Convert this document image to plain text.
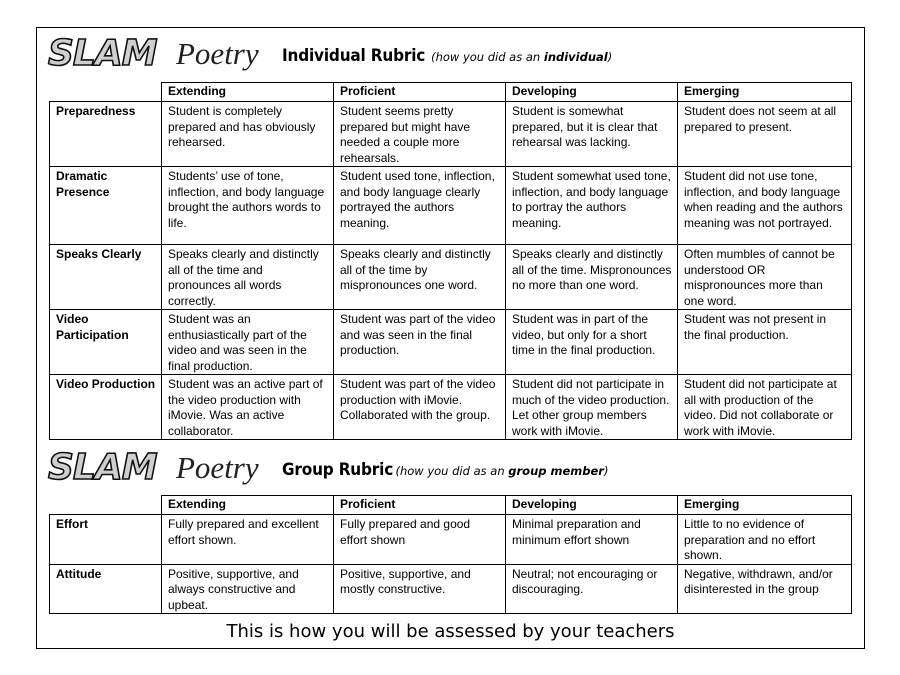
SLAM Poetry Individual Rubric (how you did as an individual)
	Extending	Proficient	Developing	Emerging
Preparedness	Student is completely prepared and has obviously rehearsed.	Student seems pretty prepared but might have needed a couple more rehearsals.	Student is somewhat prepared, but it is clear that rehearsal was lacking.	Student does not seem at all prepared to present.
Dramatic Presence	Students’ use of tone, inflection, and body language brought the authors words to life.	Student used tone, inflection, and body language clearly portrayed the authors meaning.	Student somewhat used tone, inflection, and body language to portray the authors meaning.	Student did not use tone, inflection, and body language when reading and the authors meaning was not portrayed.
Speaks Clearly	Speaks clearly and distinctly all of the time and pronounces all words correctly.	Speaks clearly and distinctly all of the time by mispronounces one word.	Speaks clearly and distinctly all of the time. Mispronounces no more than one word.	Often mumbles of cannot be understood OR mispronounces more than one word.
Video Participation	Student was an enthusiastically part of the video and was seen in the final production.	Student was part of the video and was seen in the final production.	Student was in part of the video, but only for a short time in the final production.	Student was not present in the final production.
Video Production	Student was an active part of the video production with iMovie. Was an active collaborator.	Student was part of the video production with iMovie. Collaborated with the group.	Student did not participate in much of the video production. Let other group members work with iMovie.	Student did not participate at all with production of the video. Did not collaborate or work with iMovie.
SLAM Poetry Group Rubric (how you did as an group member)
	Extending	Proficient	Developing	Emerging
Effort	Fully prepared and excellent effort shown.	Fully prepared and good effort shown	Minimal preparation and minimum effort shown	Little to no evidence of preparation and no effort shown.
Attitude	Positive, supportive, and always constructive and upbeat.	Positive, supportive, and mostly constructive.	Neutral; not encouraging or discouraging.	Negative, withdrawn, and/or disinterested in the group
This is how you will be assessed by your teachers
